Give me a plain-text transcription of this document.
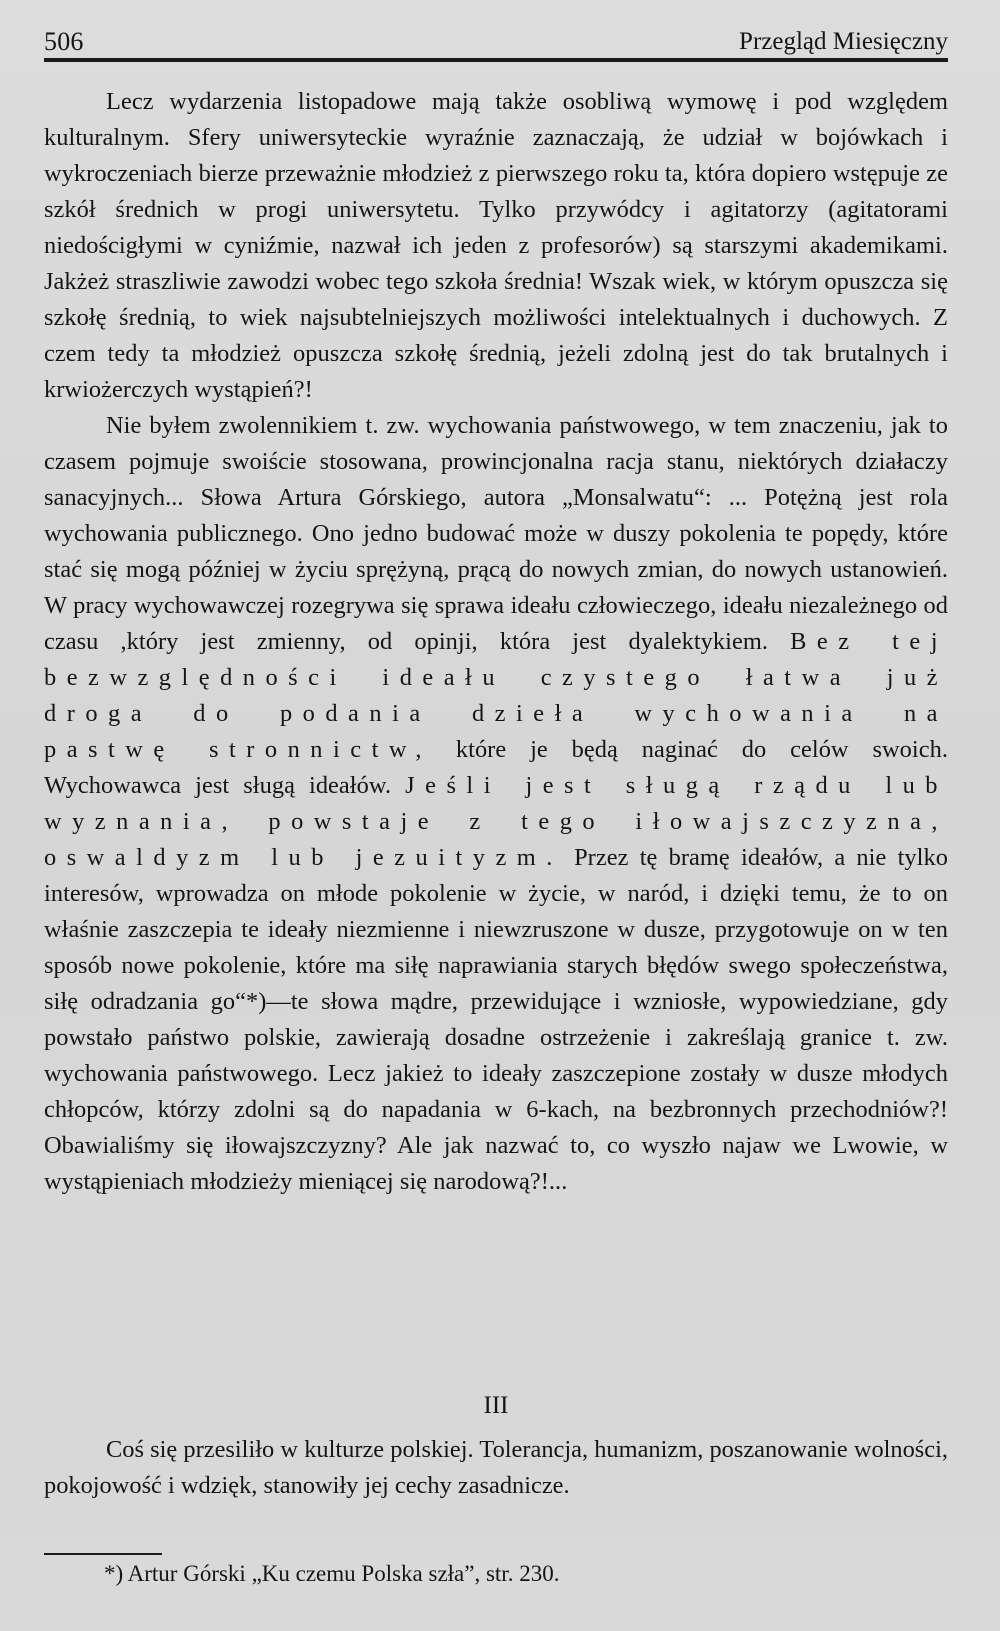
506	Przegląd Miesięczny

Lecz wydarzenia listopadowe mają także osobliwą wymowę i pod względem kulturalnym. Sfery uniwersyteckie wyraźnie zaznaczają, że udział w bojówkach i wykroczeniach bierze przeważnie młodzież z pierwszego roku ta, która dopiero wstępuje ze szkół średnich w progi uniwersytetu. Tylko przywódcy i agitatorzy (agitatorami niedościgłymi w cyniźmie, nazwał ich jeden z profesorów) są starszymi akademikami. Jakżeż straszliwie zawodzi wobec tego szkoła średnia! Wszak wiek, w którym opuszcza się szkołę średnią, to wiek najsubtelniejszych możliwości intelektualnych i duchowych. Z czem tedy ta młodzież opuszcza szkołę średnią, jeżeli zdolną jest do tak brutalnych i krwiożerczych wystąpień?!

Nie byłem zwolennikiem t. zw. wychowania państwowego, w tem znaczeniu, jak to czasem pojmuje swoiście stosowana, prowincjonalna racja stanu, niektórych działaczy sanacyjnych... Słowa Artura Górskiego, autora „Monsalwatu“: ... Potężną jest rola wychowania publicznego. Ono jedno budować może w duszy pokolenia te popędy, które stać się mogą później w życiu sprężyną, prącą do nowych zmian, do nowych ustanowień. W pracy wychowawczej rozegrywa się sprawa ideału człowieczego, ideału niezależnego od czasu ,który jest zmienny, od opinji, która jest dyalektykiem. Bez tej bezwzględności ideału czystego łatwa już droga do podania dzieła wychowania na pastwę stronnictw, które je będą naginać do celów swoich. Wychowawca jest sługą ideałów. Jeśli jest sługą rządu lub wyznania, powstaje z tego iłowajszczyzna, oswaldyzm lub jezuityzm. Przez tę bramę ideałów, a nie tylko interesów, wprowadza on młode pokolenie w życie, w naród, i dzięki temu, że to on właśnie zaszczepia te ideały niezmienne i niewzruszone w dusze, przygotowuje on w ten sposób nowe pokolenie, które ma siłę naprawiania starych błędów swego społeczeństwa, siłę odradzania go“*)—te słowa mądre, przewidujące i wzniosłe, wypowiedziane, gdy powstało państwo polskie, zawierają dosadne ostrzeżenie i zakreślają granice t. zw. wychowania państwowego. Lecz jakież to ideały zaszczepione zostały w dusze młodych chłopców, którzy zdolni są do napadania w 6-kach, na bezbronnych przechodniów?! Obawialiśmy się iłowajszczyzny? Ale jak nazwać to, co wyszło najaw we Lwowie, w wystąpieniach młodzieży mieniącej się narodową?!...

III

Coś się przesiliło w kulturze polskiej. Tolerancja, humanizm, poszanowanie wolności, pokojowość i wdzięk, stanowiły jej cechy zasadnicze.

*) Artur Górski „Ku czemu Polska szła”, str. 230.
